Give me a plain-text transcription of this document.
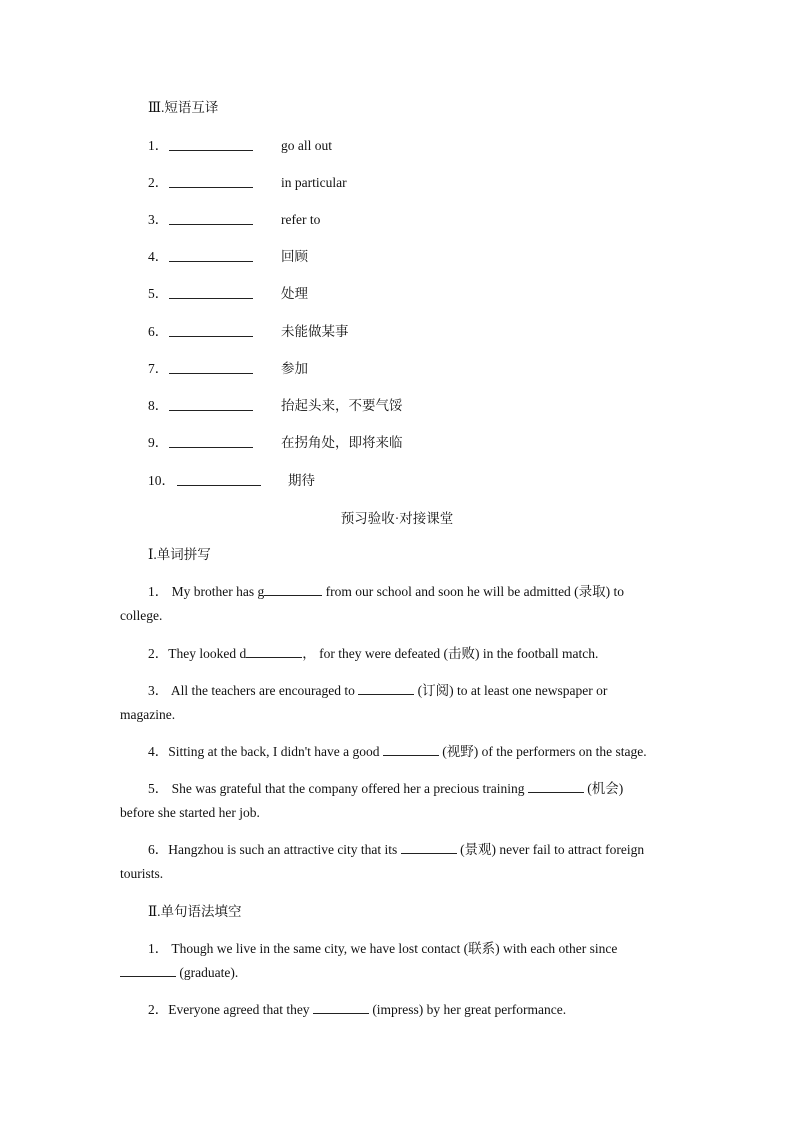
Ⅲ.短语互译
1．	go all out
2．	in particular
3．	refer to
4．	回顾
5．	处理
6．	未能做某事
7．	参加
8．	抬起头来，不要气馁
9．	在拐角处，即将来临
10．	期待
预习验收·对接课堂
Ⅰ.单词拼写
1． My brother has g	from our school and soon he will be admitted (录取) to
college.
2．They looked d	， for they were defeated (击败) in the football match.
3． All the teachers are encouraged to	(订阅) to at least one newspaper or
magazine.
4．Sitting at the back, I didn't have a good	(视野) of the performers on the stage.
5． She was grateful that the company offered her a precious training	(机会)
before she started her job.
6．Hangzhou is such an attractive city that its	(景观) never fail to attract foreign
tourists.
Ⅱ.单句语法填空
1． Though we live in the same city, we have lost contact (联系) with each other since
(graduate).
2．Everyone agreed that they	(impress) by her great performance.
